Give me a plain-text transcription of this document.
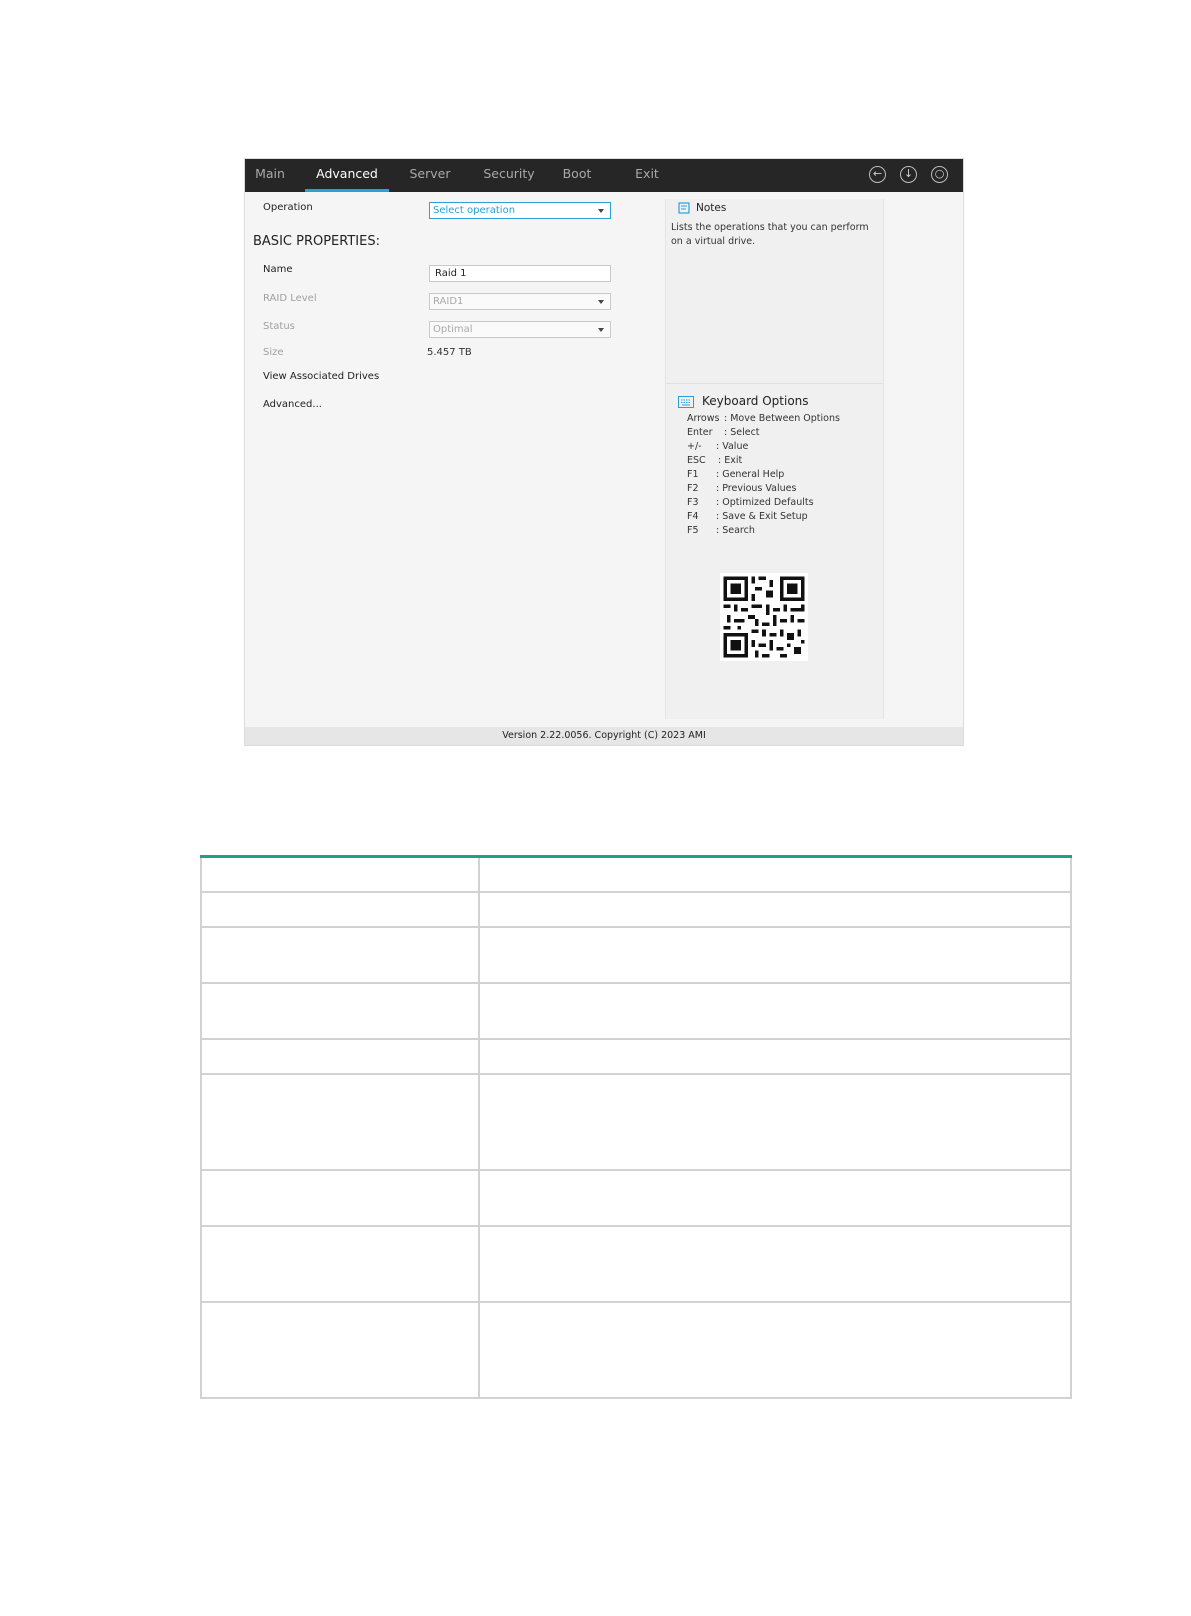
Main	Advanced	Server	Security	Boot	Exit	←	↓	○
Operation	Select operation
BASIC PROPERTIES:
Name	Raid 1
RAID Level	RAID1
Status	Optimal
Size	5.457 TB
View Associated Drives
Advanced...
Notes
Lists the operations that you can perform on a virtual drive.
Keyboard Options
Arrows : Move Between Options
Enter : Select
+/- : Value
ESC : Exit
F1 : General Help
F2 : Previous Values
F3 : Optimized Defaults
F4 : Save & Exit Setup
F5 : Search
Version 2.22.0056. Copyright (C) 2023 AMI
